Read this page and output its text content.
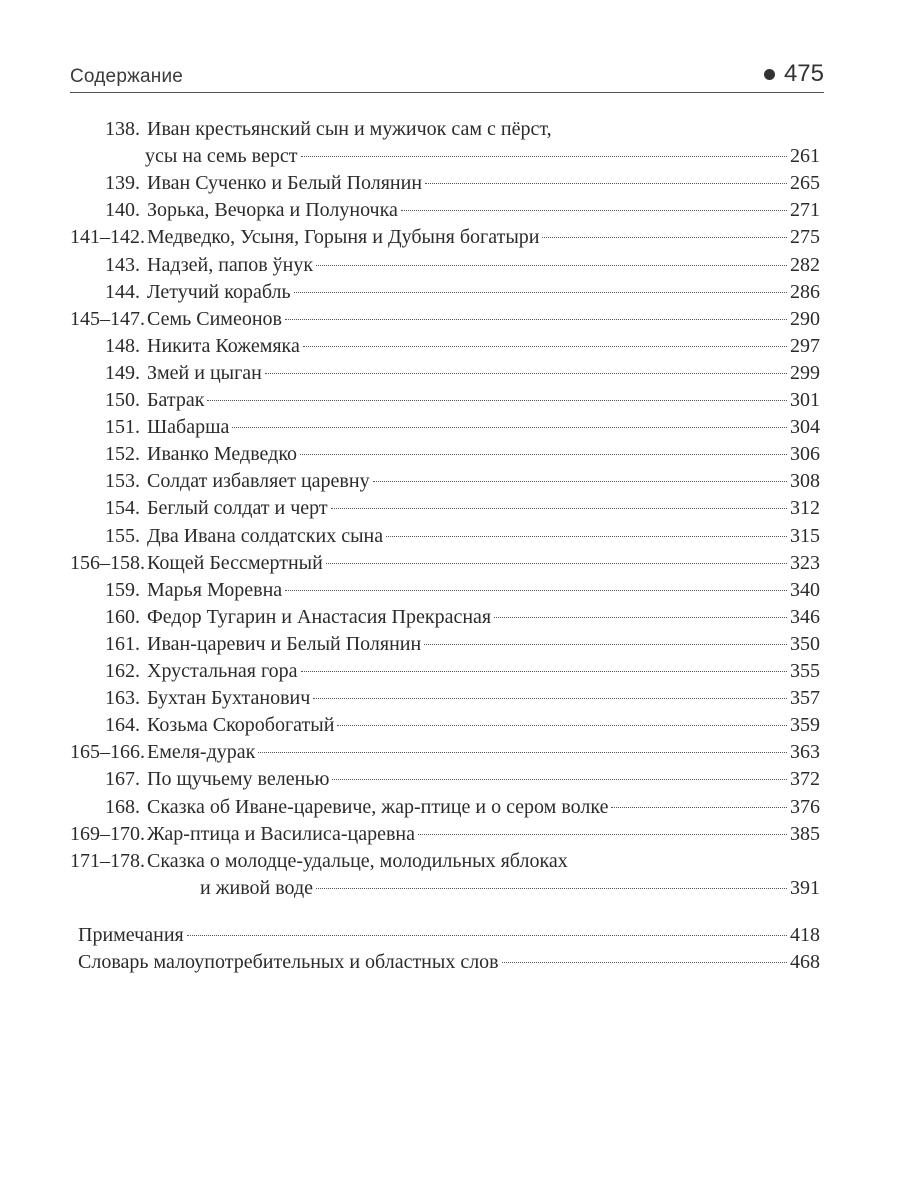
Содержание	475
138. Иван крестьянский сын и мужичок сам с пёрст,
усы на семь верст	261
139. Иван Сученко и Белый Полянин	265
140. Зорька, Вечорка и Полуночка	271
141–142. Медведко, Усыня, Горыня и Дубыня богатыри	275
143. Надзей, папов ўнук	282
144. Летучий корабль	286
145–147. Семь Симеонов	290
148. Никита Кожемяка	297
149. Змей и цыган	299
150. Батрак	301
151. Шабарша	304
152. Иванко Медведко	306
153. Солдат избавляет царевну	308
154. Беглый солдат и черт	312
155. Два Ивана солдатских сына	315
156–158. Кощей Бессмертный	323
159. Марья Моревна	340
160. Федор Тугарин и Анастасия Прекрасная	346
161. Иван-царевич и Белый Полянин	350
162. Хрустальная гора	355
163. Бухтан Бухтанович	357
164. Козьма Скоробогатый	359
165–166. Емеля-дурак	363
167. По щучьему веленью	372
168. Сказка об Иване-царевиче, жар-птице и о сером волке	376
169–170. Жар-птица и Василиса-царевна	385
171–178. Сказка о молодце-удальце, молодильных яблоках
и живой воде	391
Примечания	418
Словарь малоупотребительных и областных слов	468
